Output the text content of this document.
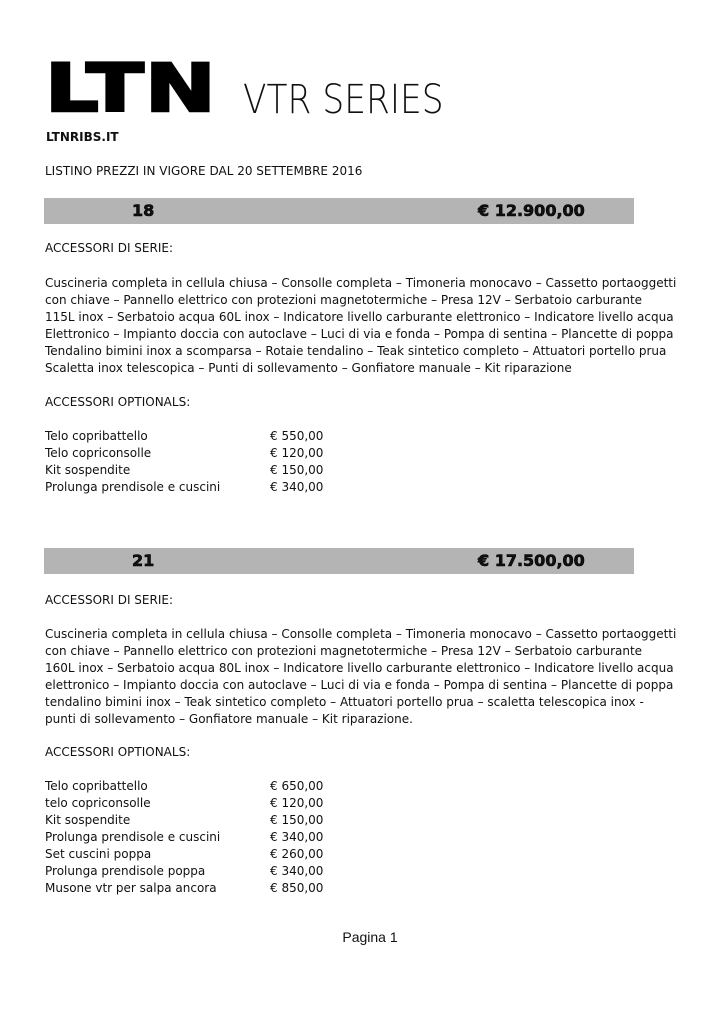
LTN VTR SERIES
LTNRIBS.IT
LISTINO PREZZI IN VIGORE DAL 20 SETTEMBRE 2016
18	€ 12.900,00
ACCESSORI DI SERIE:
Cuscineria completa in cellula chiusa – Consolle completa – Timoneria monocavo – Cassetto portaoggetti
con chiave – Pannello elettrico con protezioni magnetotermiche – Presa 12V – Serbatoio carburante
115L inox – Serbatoio acqua 60L inox – Indicatore livello carburante elettronico – Indicatore livello acqua
Elettronico – Impianto doccia con autoclave – Luci di via e fonda – Pompa di sentina – Plancette di poppa
Tendalino bimini inox a scomparsa – Rotaie tendalino – Teak sintetico completo – Attuatori portello prua
Scaletta inox telescopica – Punti di sollevamento – Gonfiatore manuale – Kit riparazione
ACCESSORI OPTIONALS:
Telo copribattello	€ 550,00
Telo copriconsolle	€ 120,00
Kit sospendite	€ 150,00
Prolunga prendisole e cuscini	€ 340,00
21	€ 17.500,00
ACCESSORI DI SERIE:
Cuscineria completa in cellula chiusa – Consolle completa – Timoneria monocavo – Cassetto portaoggetti
con chiave – Pannello elettrico con protezioni magnetotermiche – Presa 12V – Serbatoio carburante
160L inox – Serbatoio acqua 80L inox – Indicatore livello carburante elettronico – Indicatore livello acqua
elettronico – Impianto doccia con autoclave – Luci di via e fonda – Pompa di sentina – Plancette di poppa
tendalino bimini inox – Teak sintetico completo – Attuatori portello prua – scaletta telescopica inox -
punti di sollevamento – Gonfiatore manuale – Kit riparazione.
ACCESSORI OPTIONALS:
Telo copribattello	€ 650,00
telo copriconsolle	€ 120,00
Kit sospendite	€ 150,00
Prolunga prendisole e cuscini	€ 340,00
Set cuscini poppa	€ 260,00
Prolunga prendisole poppa	€ 340,00
Musone vtr per salpa ancora	€ 850,00
Pagina 1
